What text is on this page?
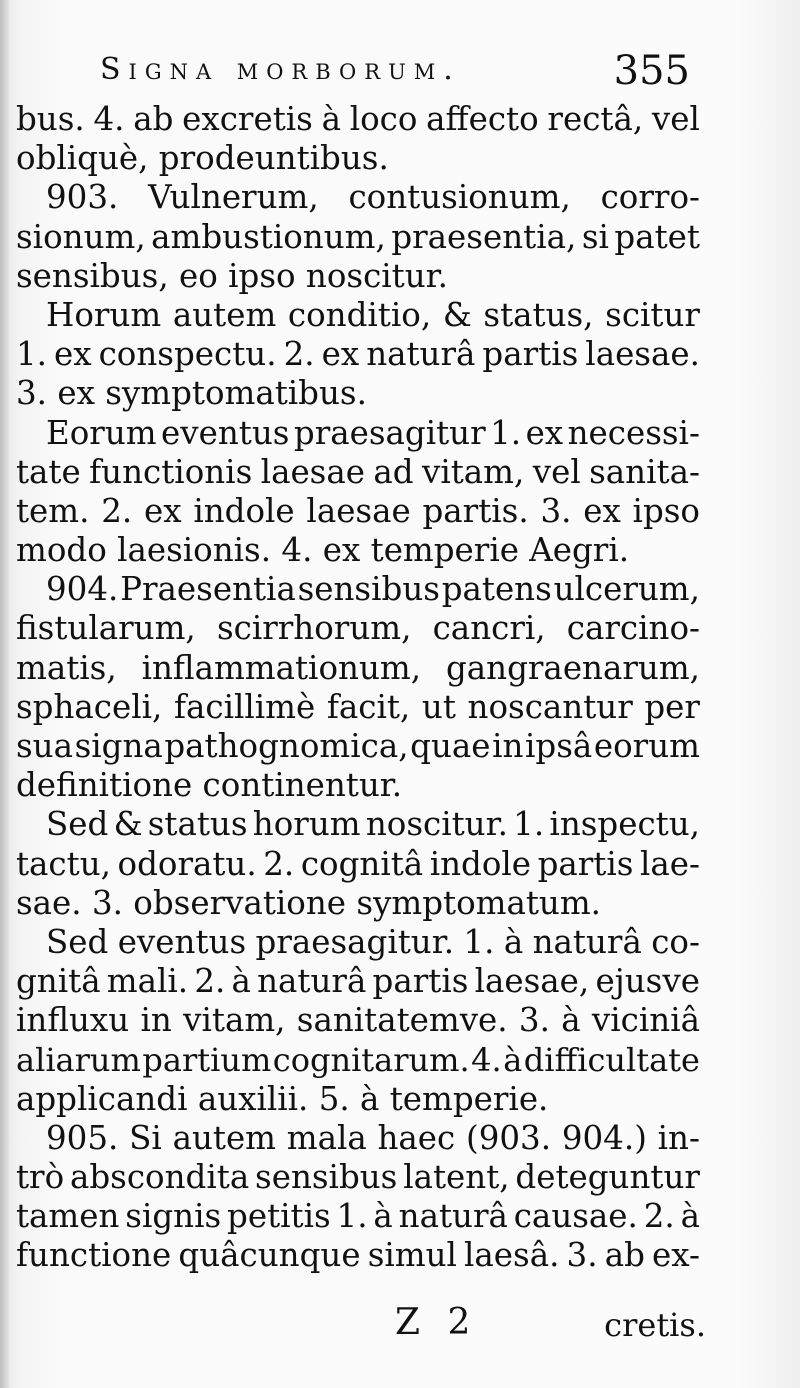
Signa morborum.	355
bus. 4. ab excretis à loco affecto rectâ, vel
obliquè, prodeuntibus.
903. Vulnerum, contusionum, corro-
sionum, ambustionum, praesentia, si patet
sensibus, eo ipso noscitur.
Horum autem conditio, & status, scitur
1. ex conspectu. 2. ex naturâ partis laesae.
3. ex symptomatibus.
Eorum eventus praesagitur 1. ex necessi-
tate functionis laesae ad vitam, vel sanita-
tem. 2. ex indole laesae partis. 3. ex ipso
modo laesionis. 4. ex temperie Aegri.
904. Praesentia sensibus patens ulcerum,
fistularum, scirrhorum, cancri, carcino-
matis, inflammationum, gangraenarum,
sphaceli, facillimè facit, ut noscantur per
sua signa pathognomica, quae in ipsâ eorum
definitione continentur.
Sed & status horum noscitur. 1. inspectu,
tactu, odoratu. 2. cognitâ indole partis lae-
sae. 3. observatione symptomatum.
Sed eventus praesagitur. 1. à naturâ co-
gnitâ mali. 2. à naturâ partis laesae, ejusve
influxu in vitam, sanitatemve. 3. à viciniâ
aliarum partium cognitarum. 4. à difficultate
applicandi auxilii. 5. à temperie.
905. Si autem mala haec (903. 904.) in-
trò abscondita sensibus latent, deteguntur
tamen signis petitis 1. à naturâ causae. 2. à
functione quâcunque simul laesâ. 3. ab ex-
Z 2	cretis.
